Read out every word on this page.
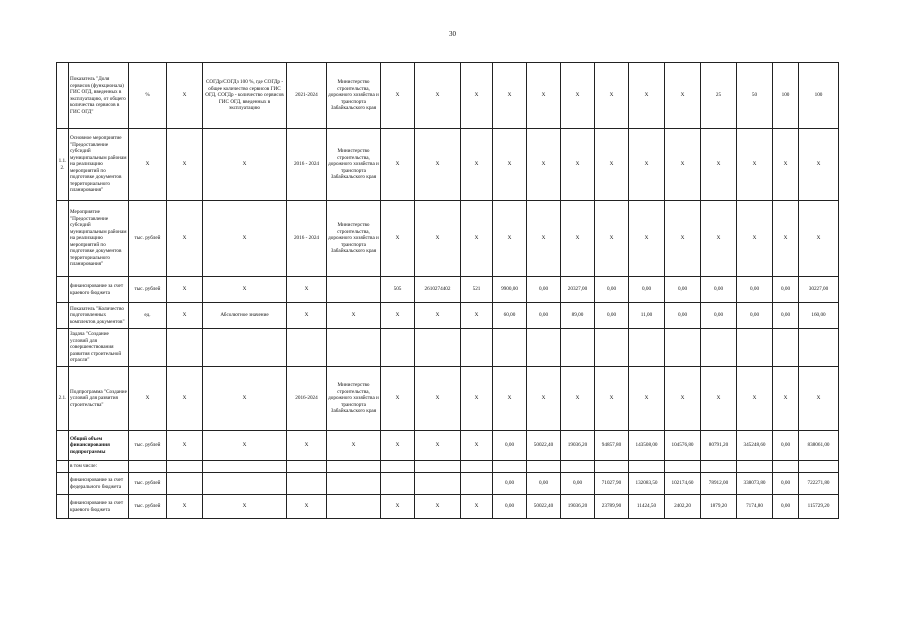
30
	Показатель "Доля сервисов (функционала) ГИС ОГД, введенных в эксплуатацию, от общего количества сервисов в ГИС ОГД"	%	X	СОГДр/СОГДз 100 %, где СОГДр - общее количество сервисов ГИС ОГД, СОГДр - количество сервисов ГИС ОГД, введенных в эксплуатацию	2021-2024	Министерство строительства, дорожного хозяйства и транспорта Забайкальского края	X	X	X	X	X	X	X	X	X	25	50	100	100
1.1.2.	Основное мероприятие "Предоставление субсидий муниципальным районам на реализацию мероприятий по подготовке документов территориального планирования"	X	X	X	2016 - 2024	Министерство строительства, дорожного хозяйства и транспорта Забайкальского края	X	X	X	X	X	X	X	X	X	X	X	X	X
	Мероприятие "Предоставление субсидий муниципальным районам на реализацию мероприятий по подготовке документов территориального планирования"	тыс. рублей	X	X	2016 - 2024	Министерство строительства, дорожного хозяйства и транспорта Забайкальского края	X	X	X	X	X	X	X	X	X	X	X	X	X
	финансирование за счет краевого бюджета	тыс. рублей	X	X	X		505	2610274402	521	9900,00	0,00	20327,00	0,00	0,00	0,00	0,00	0,00	0,00	30227,00
	Показатель "Количество подготовленных комплектов документов"	ед.	X	Абсолютное значение	X	X	X	X	X	60,00	0,00	89,00	0,00	11,00	0,00	0,00	0,00	0,00	160,00
	Задача "Создание условий для совершенствования развития строительной отрасли"																		
2.1.	Подпрограмма "Создание условий для развития строительства"	X	X	X	2016-2024	Министерство строительства, дорожного хозяйства и транспорта Забайкальского края	X	X	X	X	X	X	X	X	X	X	X	X	X
	Общий объем финансирования подпрограммы	тыс. рублей	X	X	X	X	X	X	X	0,00	50022,40	19036,20	94857,80	143508,00	104576,80	80791,20	345248,60	0,00	838061,00
	в том числе:																		
	финансирование за счет федерального бюджета	тыс. рублей								0,00	0,00	0,00	71027,90	132083,50	102174,60	78912,00	338073,80	0,00	722271,80
	финансирование за счет краевого бюджета	тыс. рублей	X	X	X		X	X	X	0,00	50022,40	19036,20	23789,90	11424,50	2402,20	1879,20	7174,80	0,00	115729,20
